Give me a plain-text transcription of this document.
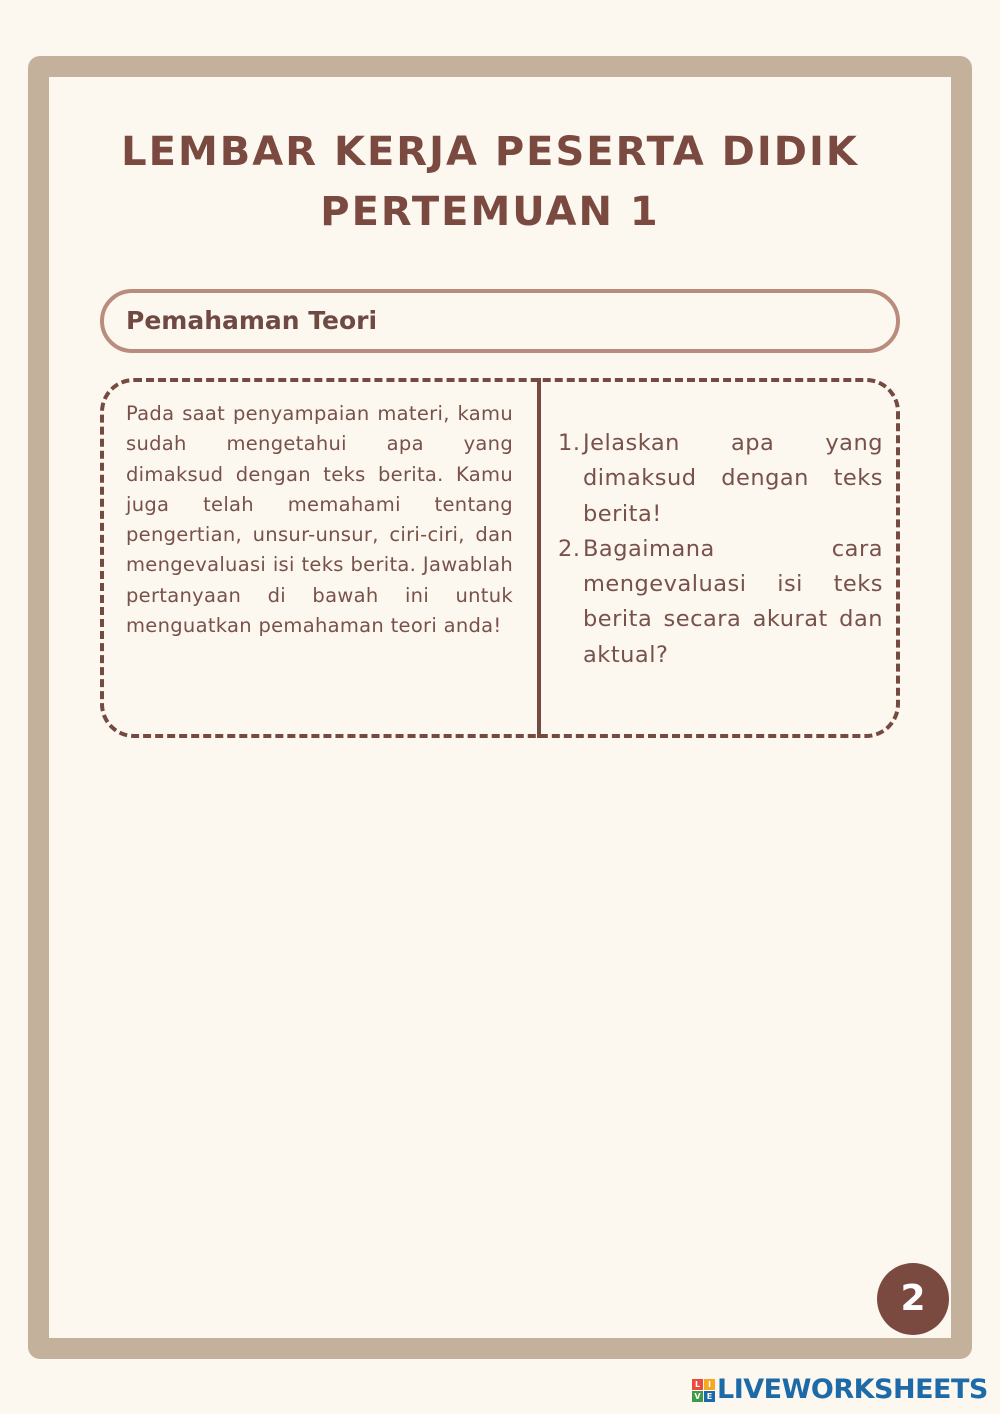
LEMBAR KERJA PESERTA DIDIK
PERTEMUAN 1
Pemahaman Teori
Pada saat penyampaian materi, kamu sudah mengetahui apa yang dimaksud dengan teks berita. Kamu juga telah memahami tentang pengertian, unsur-unsur, ciri-ciri, dan mengevaluasi isi teks berita. Jawablah pertanyaan di bawah ini untuk menguatkan pemahaman teori anda!
1. Jelaskan apa yang dimaksud dengan teks berita!
2. Bagaimana cara mengevaluasi isi teks berita secara akurat dan aktual?
2
L I
V E LIVEWORKSHEETS
